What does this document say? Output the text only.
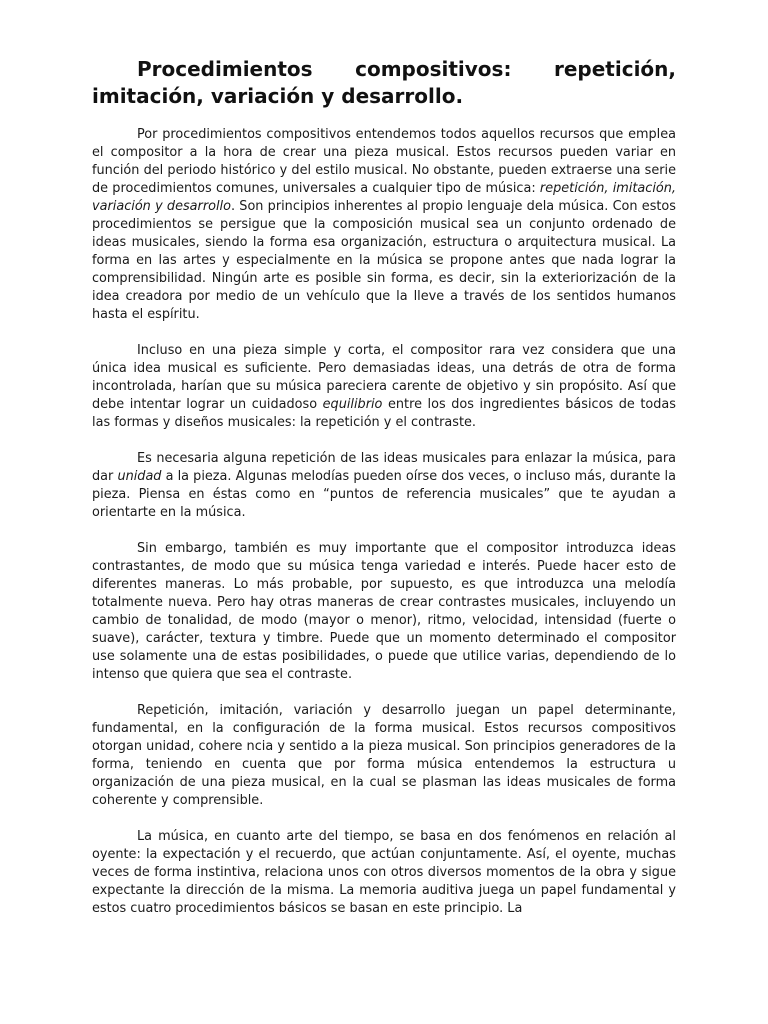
Procedimientos compositivos: repetición, imitación, variación y desarrollo.

Por procedimientos compositivos entendemos todos aquellos recursos que emplea el compositor a la hora de crear una pieza musical. Estos recursos pueden variar en función del periodo histórico y del estilo musical. No obstante, pueden extraerse una serie de procedimientos comunes, universales a cualquier tipo de música: repetición, imitación, variación y desarrollo. Son principios inherentes al propio lenguaje dela música. Con estos procedimientos se persigue que la composición musical sea un conjunto ordenado de ideas musicales, siendo la forma esa organización, estructura o arquitectura musical. La forma en las artes y especialmente en la música se propone antes que nada lograr la comprensibilidad. Ningún arte es posible sin forma, es decir, sin la exteriorización de la idea creadora por medio de un vehículo que la lleve a través de los sentidos humanos hasta el espíritu.

Incluso en una pieza simple y corta, el compositor rara vez considera que una única idea musical es suficiente. Pero demasiadas ideas, una detrás de otra de forma incontrolada, harían que su música pareciera carente de objetivo y sin propósito. Así que debe intentar lograr un cuidadoso equilibrio entre los dos ingredientes básicos de todas las formas y diseños musicales: la repetición y el contraste.

Es necesaria alguna repetición de las ideas musicales para enlazar la música, para dar unidad a la pieza. Algunas melodías pueden oírse dos veces, o incluso más, durante la pieza. Piensa en éstas como en “puntos de referencia musicales” que te ayudan a orientarte en la música.

Sin embargo, también es muy importante que el compositor introduzca ideas contrastantes, de modo que su música tenga variedad e interés. Puede hacer esto de diferentes maneras. Lo más probable, por supuesto, es que introduzca una melodía totalmente nueva. Pero hay otras maneras de crear contrastes musicales, incluyendo un cambio de tonalidad, de modo (mayor o menor), ritmo, velocidad, intensidad (fuerte o suave), carácter, textura y timbre. Puede que un momento determinado el compositor use solamente una de estas posibilidades, o puede que utilice varias, dependiendo de lo intenso que quiera que sea el contraste.

Repetición, imitación, variación y desarrollo juegan un papel determinante, fundamental, en la configuración de la forma musical. Estos recursos compositivos otorgan unidad, cohere ncia y sentido a la pieza musical. Son principios generadores de la forma, teniendo en cuenta que por forma música entendemos la estructura u organización de una pieza musical, en la cual se plasman las ideas musicales de forma coherente y comprensible.

La música, en cuanto arte del tiempo, se basa en dos fenómenos en relación al oyente: la expectación y el recuerdo, que actúan conjuntamente. Así, el oyente, muchas veces de forma instintiva, relaciona unos con otros diversos momentos de la obra y sigue expectante la dirección de la misma. La memoria auditiva juega un papel fundamental y estos cuatro procedimientos básicos se basan en este principio. La
